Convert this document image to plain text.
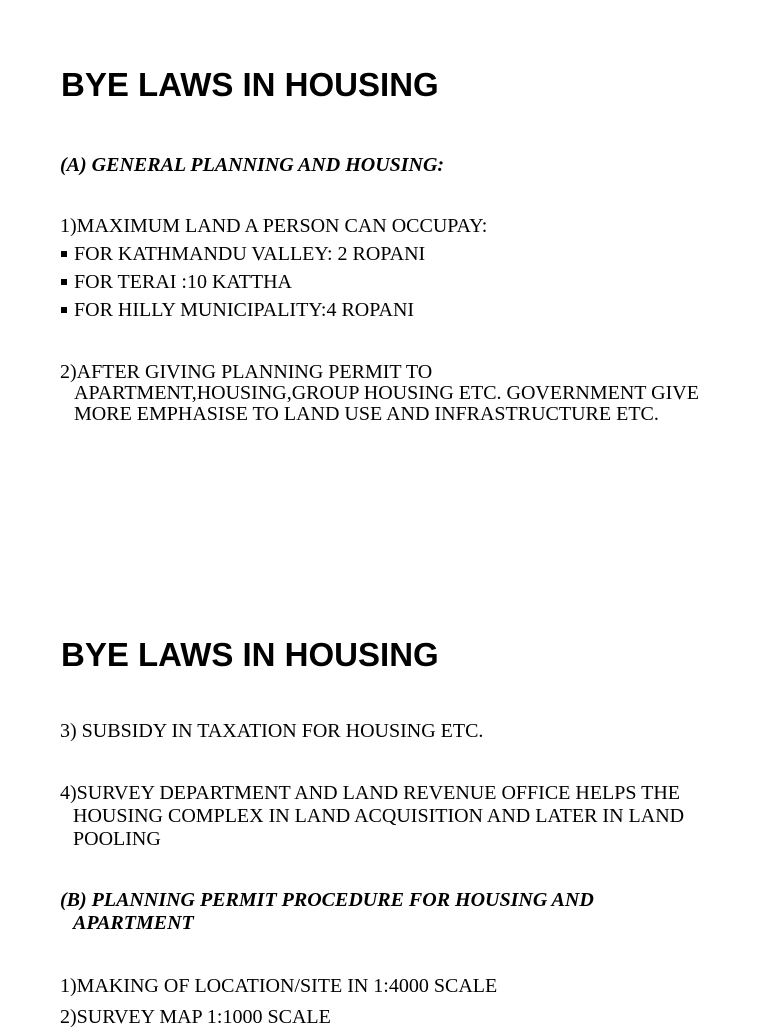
BYE LAWS IN HOUSING

(A) GENERAL PLANNING AND HOUSING:

1)MAXIMUM LAND A PERSON CAN OCCUPAY:

FOR KATHMANDU VALLEY: 2 ROPANI
FOR TERAI :10 KATTHA
FOR HILLY MUNICIPALITY:4 ROPANI

2)AFTER GIVING PLANNING PERMIT TO APARTMENT,HOUSING,GROUP HOUSING ETC. GOVERNMENT GIVE MORE EMPHASISE TO LAND USE AND INFRASTRUCTURE ETC.

BYE LAWS IN HOUSING

3) SUBSIDY IN TAXATION FOR HOUSING ETC.

4)SURVEY DEPARTMENT AND LAND REVENUE OFFICE HELPS THE HOUSING COMPLEX IN LAND ACQUISITION AND LATER IN LAND POOLING

(B) PLANNING PERMIT PROCEDURE FOR HOUSING AND APARTMENT

1)MAKING OF LOCATION/SITE IN 1:4000 SCALE

2)SURVEY MAP 1:1000 SCALE
